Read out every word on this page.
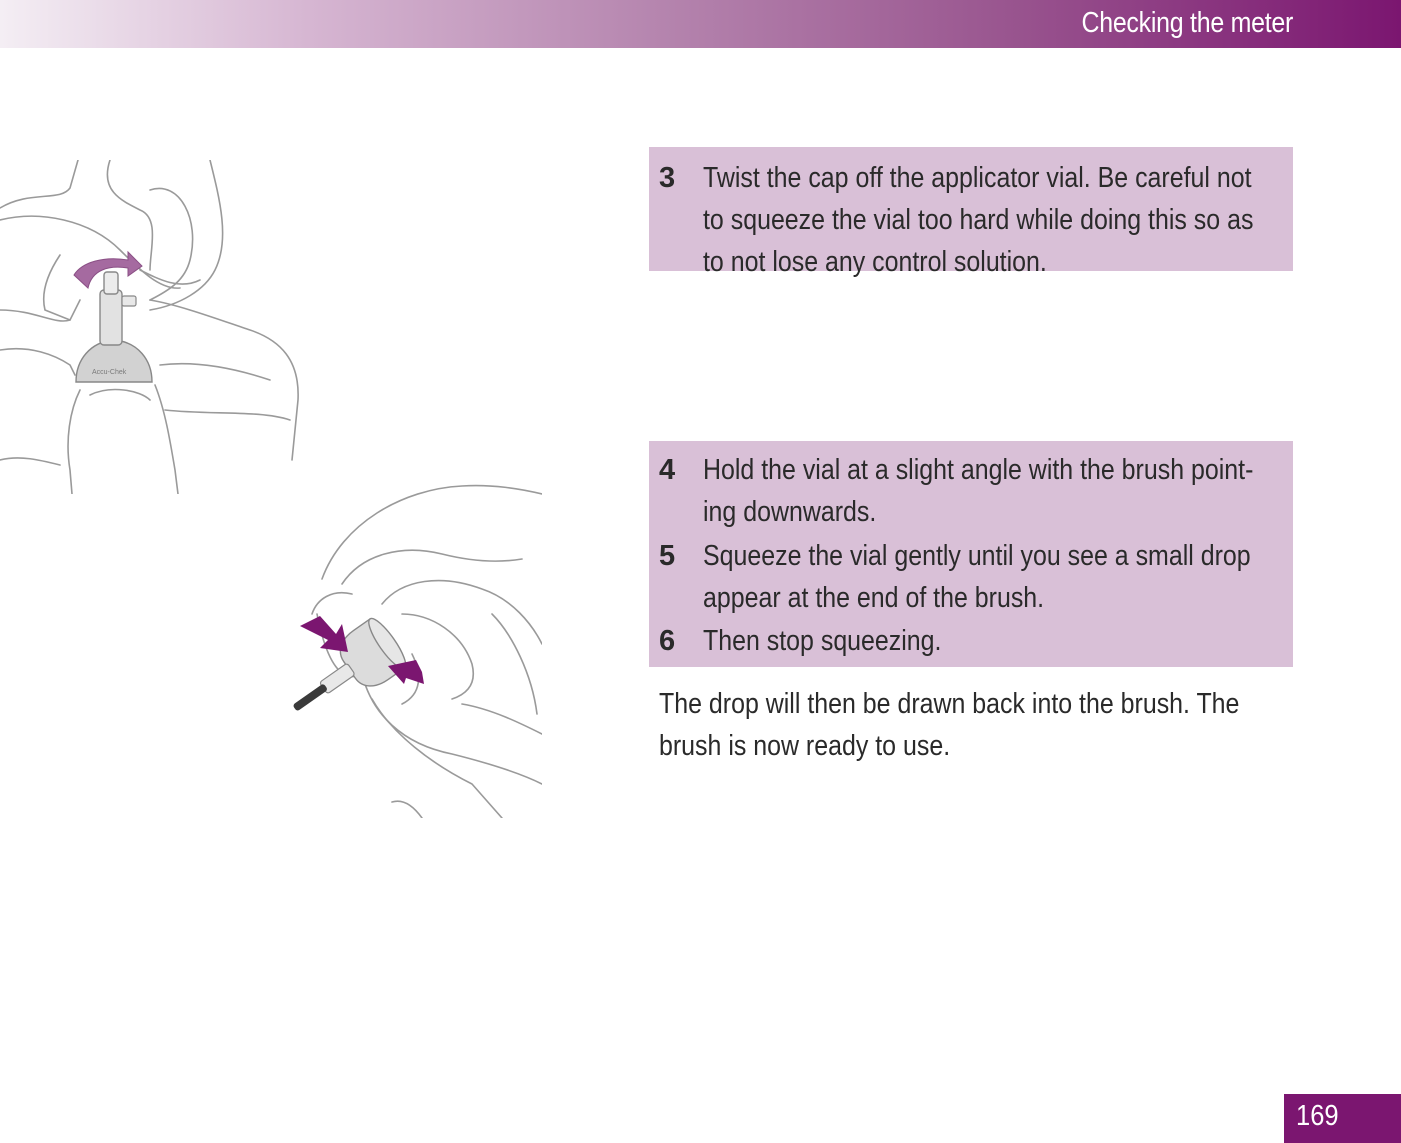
Checking the meter
Accu-Chek
3 Twist the cap off the applicator vial. Be careful not
to squeeze the vial too hard while doing this so as
to not lose any control solution.
4 Hold the vial at a slight angle with the brush point-
ing downwards.
5 Squeeze the vial gently until you see a small drop
appear at the end of the brush.
6 Then stop squeezing.
The drop will then be drawn back into the brush. The
brush is now ready to use.
169
